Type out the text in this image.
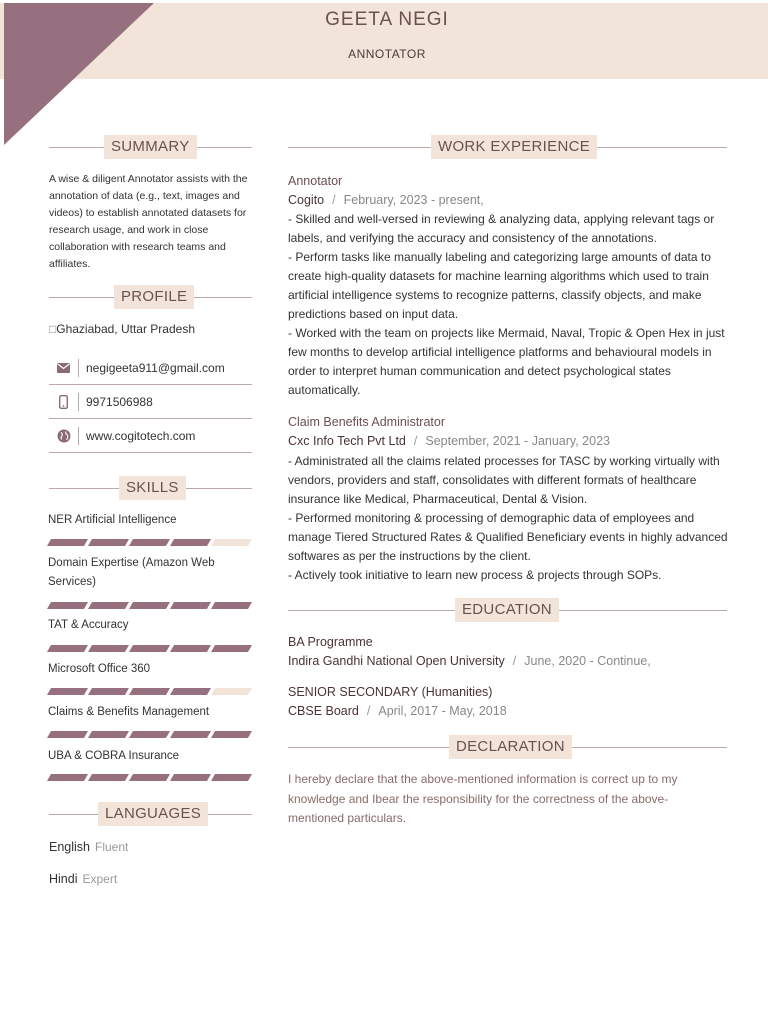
GEETA NEGI
ANNOTATOR
SUMMARY
A wise & diligent Annotator assists with the annotation of data (e.g., text, images and videos) to establish annotated datasets for research usage, and work in close collaboration with research teams and affiliates.
PROFILE
□Ghaziabad, Uttar Pradesh
negigeeta911@gmail.com
9971506988
www.cogitotech.com
SKILLS
NER Artificial Intelligence
Domain Expertise (Amazon Web Services)
TAT & Accuracy
Microsoft Office 360
Claims & Benefits Management
UBA & COBRA Insurance
LANGUAGES
English Fluent
Hindi Expert
WORK EXPERIENCE
Annotator
Cogito / February, 2023 - present,
- Skilled and well-versed in reviewing & analyzing data, applying relevant tags or labels, and verifying the accuracy and consistency of the annotations.
- Perform tasks like manually labeling and categorizing large amounts of data to create high-quality datasets for machine learning algorithms which used to train artificial intelligence systems to recognize patterns, classify objects, and make predictions based on input data.
- Worked with the team on projects like Mermaid, Naval, Tropic & Open Hex in just few months to develop artificial intelligence platforms and behavioural models in order to interpret human communication and detect psychological states automatically.
Claim Benefits Administrator
Cxc Info Tech Pvt Ltd / September, 2021 - January, 2023
- Administrated all the claims related processes for TASC by working virtually with vendors, providers and staff, consolidates with different formats of healthcare insurance like Medical, Pharmaceutical, Dental & Vision.
- Performed monitoring & processing of demographic data of employees and manage Tiered Structured Rates & Qualified Beneficiary events in highly advanced softwares as per the instructions by the client.
- Actively took initiative to learn new process & projects through SOPs.
EDUCATION
BA Programme
Indira Gandhi National Open University / June, 2020 - Continue,
SENIOR SECONDARY (Humanities)
CBSE Board / April, 2017 - May, 2018
DECLARATION
I hereby declare that the above-mentioned information is correct up to my knowledge and Ibear the responsibility for the correctness of the above-mentioned particulars.
